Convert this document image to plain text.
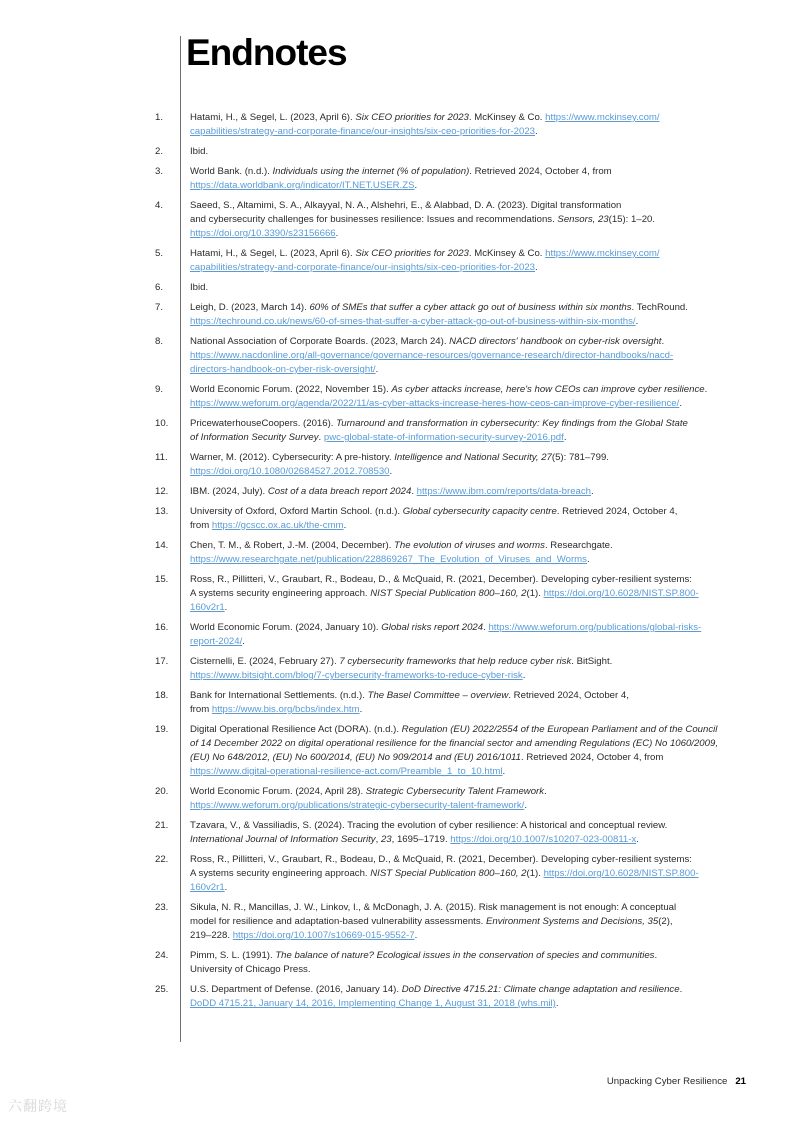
Endnotes
1.	Hatami, H., & Segel, L. (2023, April 6). Six CEO priorities for 2023. McKinsey & Co. https://www.mckinsey.com/
capabilities/strategy-and-corporate-finance/our-insights/six-ceo-priorities-for-2023.
2.	Ibid.
3.	World Bank. (n.d.). Individuals using the internet (% of population). Retrieved 2024, October 4, from
https://data.worldbank.org/indicator/IT.NET.USER.ZS.
4.	Saeed, S., Altamimi, S. A., Alkayyal, N. A., Alshehri, E., & Alabbad, D. A. (2023). Digital transformation
and cybersecurity challenges for businesses resilience: Issues and recommendations. Sensors, 23(15): 1–20.
https://doi.org/10.3390/s23156666.
5.	Hatami, H., & Segel, L. (2023, April 6). Six CEO priorities for 2023. McKinsey & Co. https://www.mckinsey.com/
capabilities/strategy-and-corporate-finance/our-insights/six-ceo-priorities-for-2023.
6.	Ibid.
7.	Leigh, D. (2023, March 14). 60% of SMEs that suffer a cyber attack go out of business within six months. TechRound.
https://techround.co.uk/news/60-of-smes-that-suffer-a-cyber-attack-go-out-of-business-within-six-months/.
8.	National Association of Corporate Boards. (2023, March 24). NACD directors' handbook on cyber-risk oversight.
https://www.nacdonline.org/all-governance/governance-resources/governance-research/director-handbooks/nacd-
directors-handbook-on-cyber-risk-oversight/.
9.	World Economic Forum. (2022, November 15). As cyber attacks increase, here's how CEOs can improve cyber resilience.
https://www.weforum.org/agenda/2022/11/as-cyber-attacks-increase-heres-how-ceos-can-improve-cyber-resilience/.
10. PricewaterhouseCoopers. (2016). Turnaround and transformation in cybersecurity: Key findings from the Global State
of Information Security Survey. pwc-global-state-of-information-security-survey-2016.pdf.
11. Warner, M. (2012). Cybersecurity: A pre-history. Intelligence and National Security, 27(5): 781–799.
https://doi.org/10.1080/02684527.2012.708530.
12. IBM. (2024, July). Cost of a data breach report 2024. https://www.ibm.com/reports/data-breach.
13. University of Oxford, Oxford Martin School. (n.d.). Global cybersecurity capacity centre. Retrieved 2024, October 4,
from https://gcscc.ox.ac.uk/the-cmm.
14. Chen, T. M., & Robert, J.-M. (2004, December). The evolution of viruses and worms. Researchgate.
https://www.researchgate.net/publication/228869267_The_Evolution_of_Viruses_and_Worms.
15. Ross, R., Pillitteri, V., Graubart, R., Bodeau, D., & McQuaid, R. (2021, December). Developing cyber-resilient systems:
A systems security engineering approach. NIST Special Publication 800–160, 2(1). https://doi.org/10.6028/NIST.SP.800-
160v2r1.
16. World Economic Forum. (2024, January 10). Global risks report 2024. https://www.weforum.org/publications/global-risks-
report-2024/.
17. Cisternelli, E. (2024, February 27). 7 cybersecurity frameworks that help reduce cyber risk. BitSight.
https://www.bitsight.com/blog/7-cybersecurity-frameworks-to-reduce-cyber-risk.
18. Bank for International Settlements. (n.d.). The Basel Committee – overview. Retrieved 2024, October 4,
from https://www.bis.org/bcbs/index.htm.
19. Digital Operational Resilience Act (DORA). (n.d.). Regulation (EU) 2022/2554 of the European Parliament and of the Council
of 14 December 2022 on digital operational resilience for the financial sector and amending Regulations (EC) No 1060/2009,
(EU) No 648/2012, (EU) No 600/2014, (EU) No 909/2014 and (EU) 2016/1011. Retrieved 2024, October 4, from
https://www.digital-operational-resilience-act.com/Preamble_1_to_10.html.
20. World Economic Forum. (2024, April 28). Strategic Cybersecurity Talent Framework.
https://www.weforum.org/publications/strategic-cybersecurity-talent-framework/.
21. Tzavara, V., & Vassiliadis, S. (2024). Tracing the evolution of cyber resilience: A historical and conceptual review.
International Journal of Information Security, 23, 1695–1719. https://doi.org/10.1007/s10207-023-00811-x.
22. Ross, R., Pillitteri, V., Graubart, R., Bodeau, D., & McQuaid, R. (2021, December). Developing cyber-resilient systems:
A systems security engineering approach. NIST Special Publication 800–160, 2(1). https://doi.org/10.6028/NIST.SP.800-
160v2r1.
23. Sikula, N. R., Mancillas, J. W., Linkov, I., & McDonagh, J. A. (2015). Risk management is not enough: A conceptual
model for resilience and adaptation-based vulnerability assessments. Environment Systems and Decisions, 35(2),
219–228. https://doi.org/10.1007/s10669-015-9552-7.
24. Pimm, S. L. (1991). The balance of nature? Ecological issues in the conservation of species and communities.
University of Chicago Press.
25. U.S. Department of Defense. (2016, January 14). DoD Directive 4715.21: Climate change adaptation and resilience.
DoDD 4715.21, January 14, 2016, Implementing Change 1, August 31, 2018 (whs.mil).
Unpacking Cyber Resilience 21
六翻跨境
